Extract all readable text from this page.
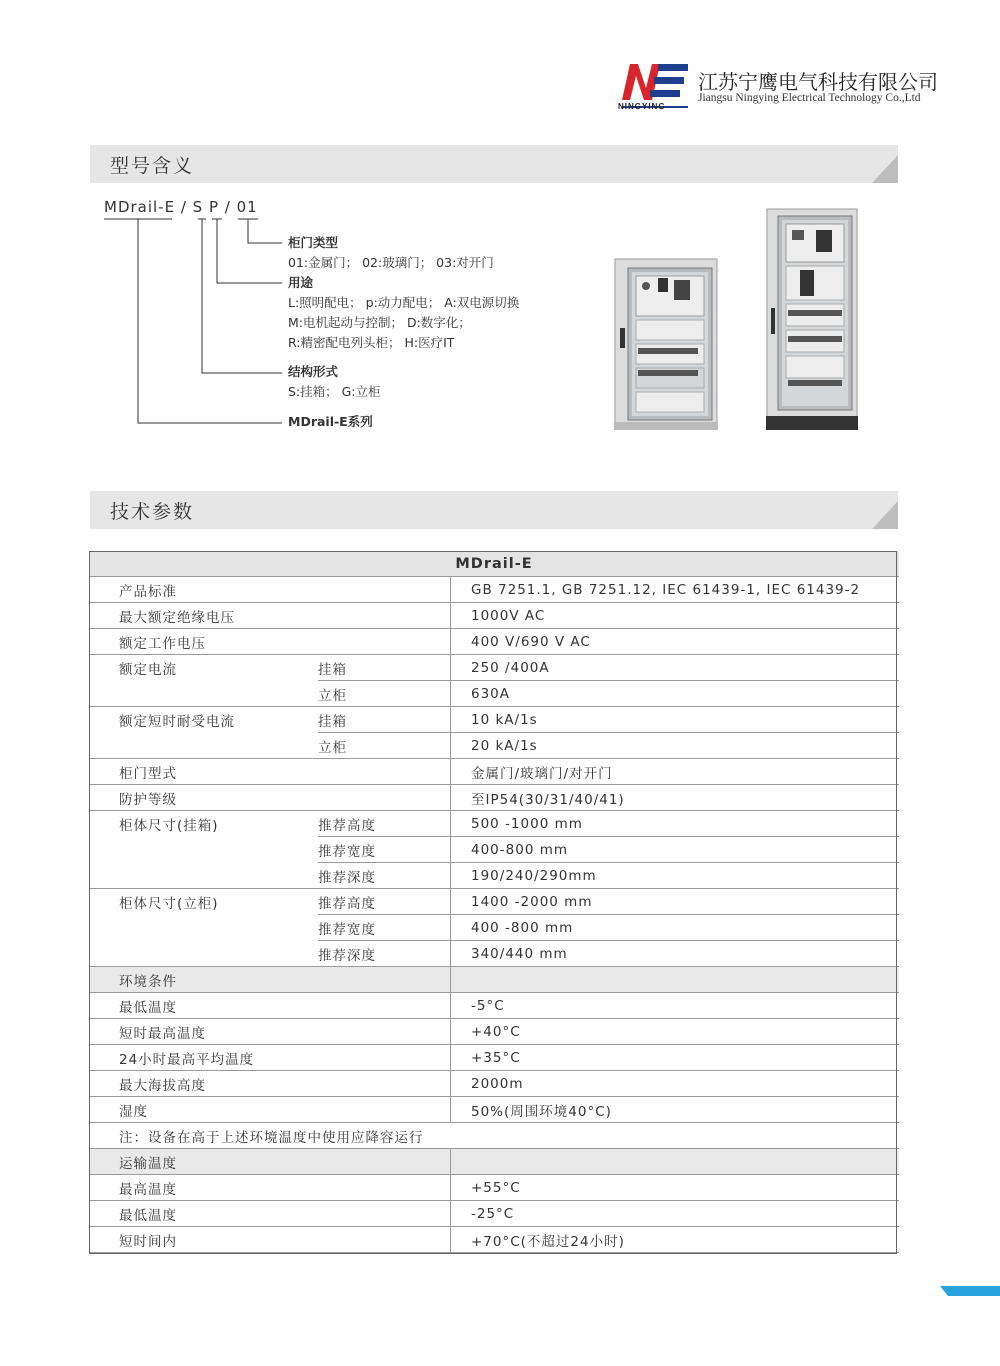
NINGYING
江苏宁鹰电气科技有限公司
Jiangsu Ningying Electrical Technology Co.,Ltd
型号含义
MDrail-E / S P / 01
柜门类型
01:金属门； 02:玻璃门； 03:对开门
用途
L:照明配电； p:动力配电； A:双电源切换
M:电机起动与控制； D:数字化；
R:精密配电列头柜； H:医疗IT
结构形式
S:挂箱； G:立柜
MDrail-E系列
技术参数
MDrail-E		
产品标准		GB 7251.1, GB 7251.12, IEC 61439-1, IEC 61439-2
最大额定绝缘电压		1000V AC
额定工作电压		400 V/690 V AC
额定电流	挂箱	250 /400A
	立柜	630A
额定短时耐受电流	挂箱	10 kA/1s
	立柜	20 kA/1s
柜门型式		金属门/玻璃门/对开门
防护等级		至IP54(30/31/40/41)
柜体尺寸(挂箱)	推荐高度	500 -1000 mm
	推荐宽度	400-800 mm
	推荐深度	190/240/290mm
柜体尺寸(立柜)	推荐高度	1400 -2000 mm
	推荐宽度	400 -800 mm
	推荐深度	340/440 mm
环境条件		
最低温度		-5°C
短时最高温度		+40°C
24小时最高平均温度		+35°C
最大海拔高度		2000m
湿度		50%(周围环境40°C)
注：设备在高于上述环境温度中使用应降容运行		
运输温度		
最高温度		+55°C
最低温度		-25°C
短时间内		+70°C(不超过24小时)
